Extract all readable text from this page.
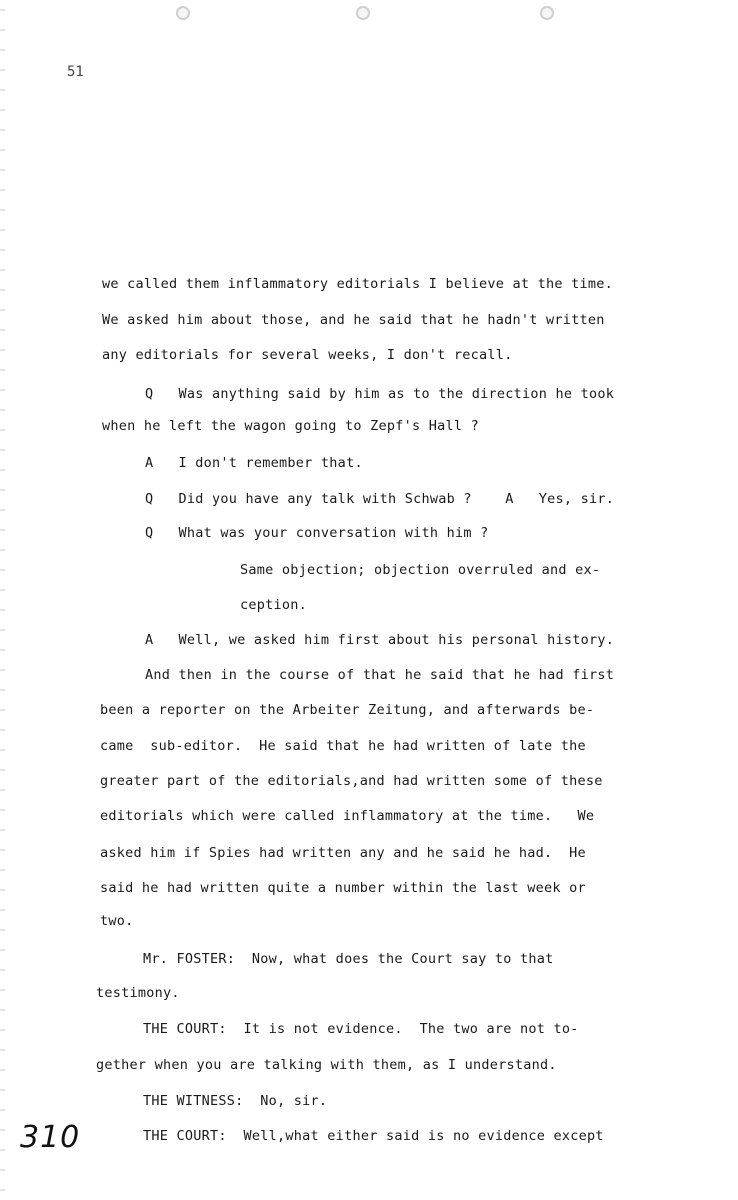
51
we called them inflammatory editorials I believe at the time.
We asked him about those, and he said that he hadn't written
any editorials for several weeks, I don't recall.
Q   Was anything said by him as to the direction he took
when he left the wagon going to Zepf's Hall ?
A   I don't remember that.
Q   Did you have any talk with Schwab ?    A   Yes, sir.
Q   What was your conversation with him ?
Same objection; objection overruled and ex-
ception.
A   Well, we asked him first about his personal history.
And then in the course of that he said that he had first
been a reporter on the Arbeiter Zeitung, and afterwards be-
came  sub-editor.  He said that he had written of late the
greater part of the editorials,and had written some of these
editorials which were called inflammatory at the time.   We
asked him if Spies had written any and he said he had.  He
said he had written quite a number within the last week or
two.
Mr. FOSTER:  Now, what does the Court say to that
testimony.
THE COURT:  It is not evidence.  The two are not to-
gether when you are talking with them, as I understand.
THE WITNESS:  No, sir.
THE COURT:  Well,what either said is no evidence except
310
